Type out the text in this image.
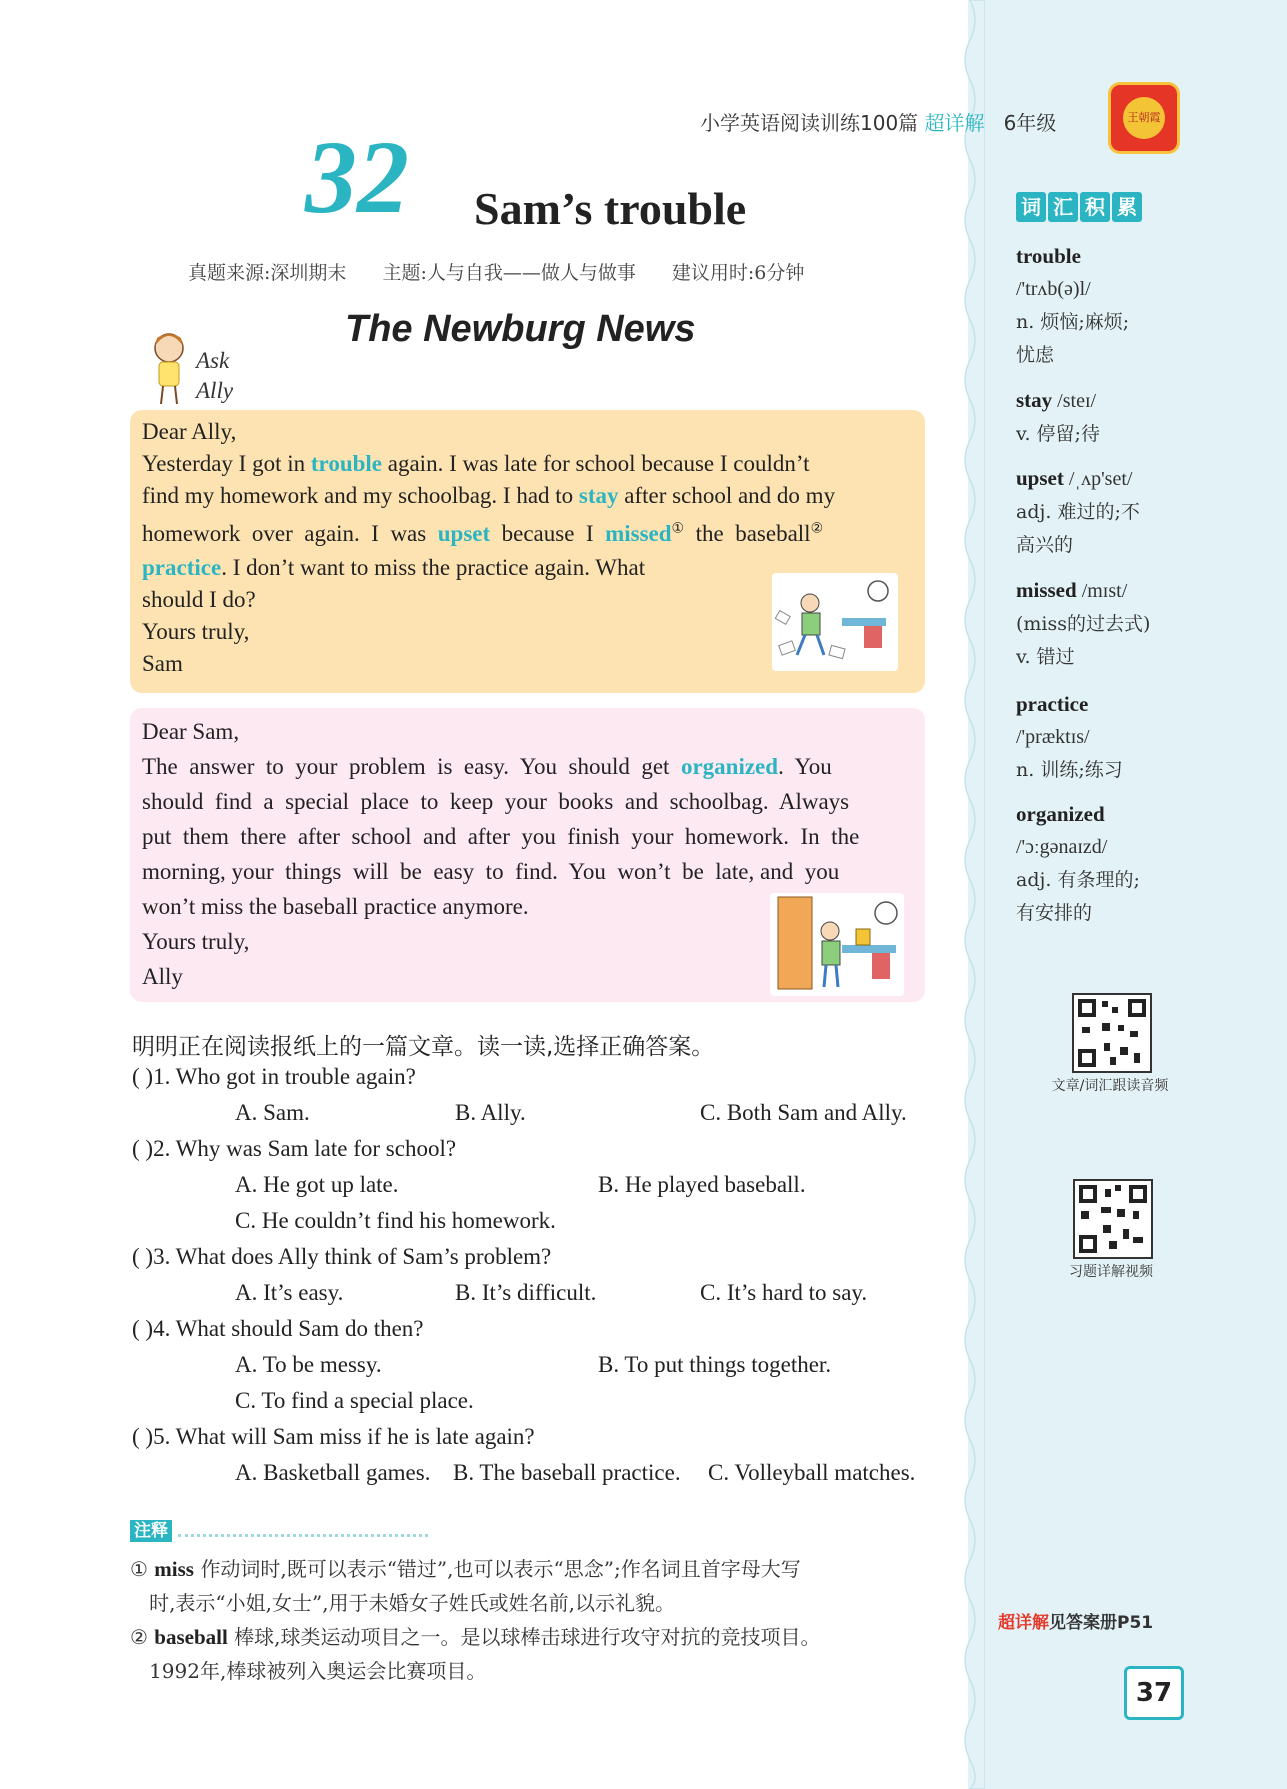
小学英语阅读训练100篇 超详解 6年级	王朝霞
32 Sam’s trouble
真题来源:深圳期末 主题:人与自我——做人与做事 建议用时:6分钟
The Newburg News
Ask
Ally
Dear Ally,
Yesterday I got in trouble again. I was late for school because I couldn’t
find my homework and my schoolbag. I had to stay after school and do my
homework  over  again.  I  was  upset  because  I  missed①  the  baseball②
practice. I don’t want to miss the practice again. What
should I do?
Yours truly,
Sam
Dear Sam,
The  answer  to  your  problem  is  easy.  You  should  get  organized.  You
should  find  a  special  place  to  keep  your  books  and  schoolbag.  Always
put  them  there  after  school  and  after  you  finish  your  homework.  In  the
morning, your  things  will  be  easy  to  find.  You  won’t  be  late, and  you
won’t miss the baseball practice anymore.
Yours truly,
Ally
明明正在阅读报纸上的一篇文章。读一读,选择正确答案。
( )1. Who got in trouble again?
A. Sam.	B. Ally.	C. Both Sam and Ally.
( )2. Why was Sam late for school?
A. He got up late.	B. He played baseball.
C. He couldn’t find his homework.
( )3. What does Ally think of Sam’s problem?
A. It’s easy.	B. It’s difficult.	C. It’s hard to say.
( )4. What should Sam do then?
A. To be messy.	B. To put things together.
C. To find a special place.
( )5. What will Sam miss if he is late again?
A. Basketball games. B. The baseball practice. C. Volleyball matches.
注释
① miss 作动词时,既可以表示“错过”,也可以表示“思念”;作名词且首字母大写
时,表示“小姐,女士”,用于未婚女子姓氏或姓名前,以示礼貌。
② baseball 棒球,球类运动项目之一。是以球棒击球进行攻守对抗的竞技项目。
1992年,棒球被列入奥运会比赛项目。
词 汇 积 累
trouble
/'trʌb(ə)l/
n. 烦恼;麻烦;
忧虑
stay /steɪ/
v. 停留;待
upset /ˌʌp'set/
adj. 难过的;不
高兴的
missed /mɪst/
(miss的过去式)
v. 错过
practice
/'præktɪs/
n. 训练;练习
organized
/'ɔːgənaɪzd/
adj. 有条理的;
有安排的
文章/词汇跟读音频
习题详解视频
超详解见答案册P51
37
